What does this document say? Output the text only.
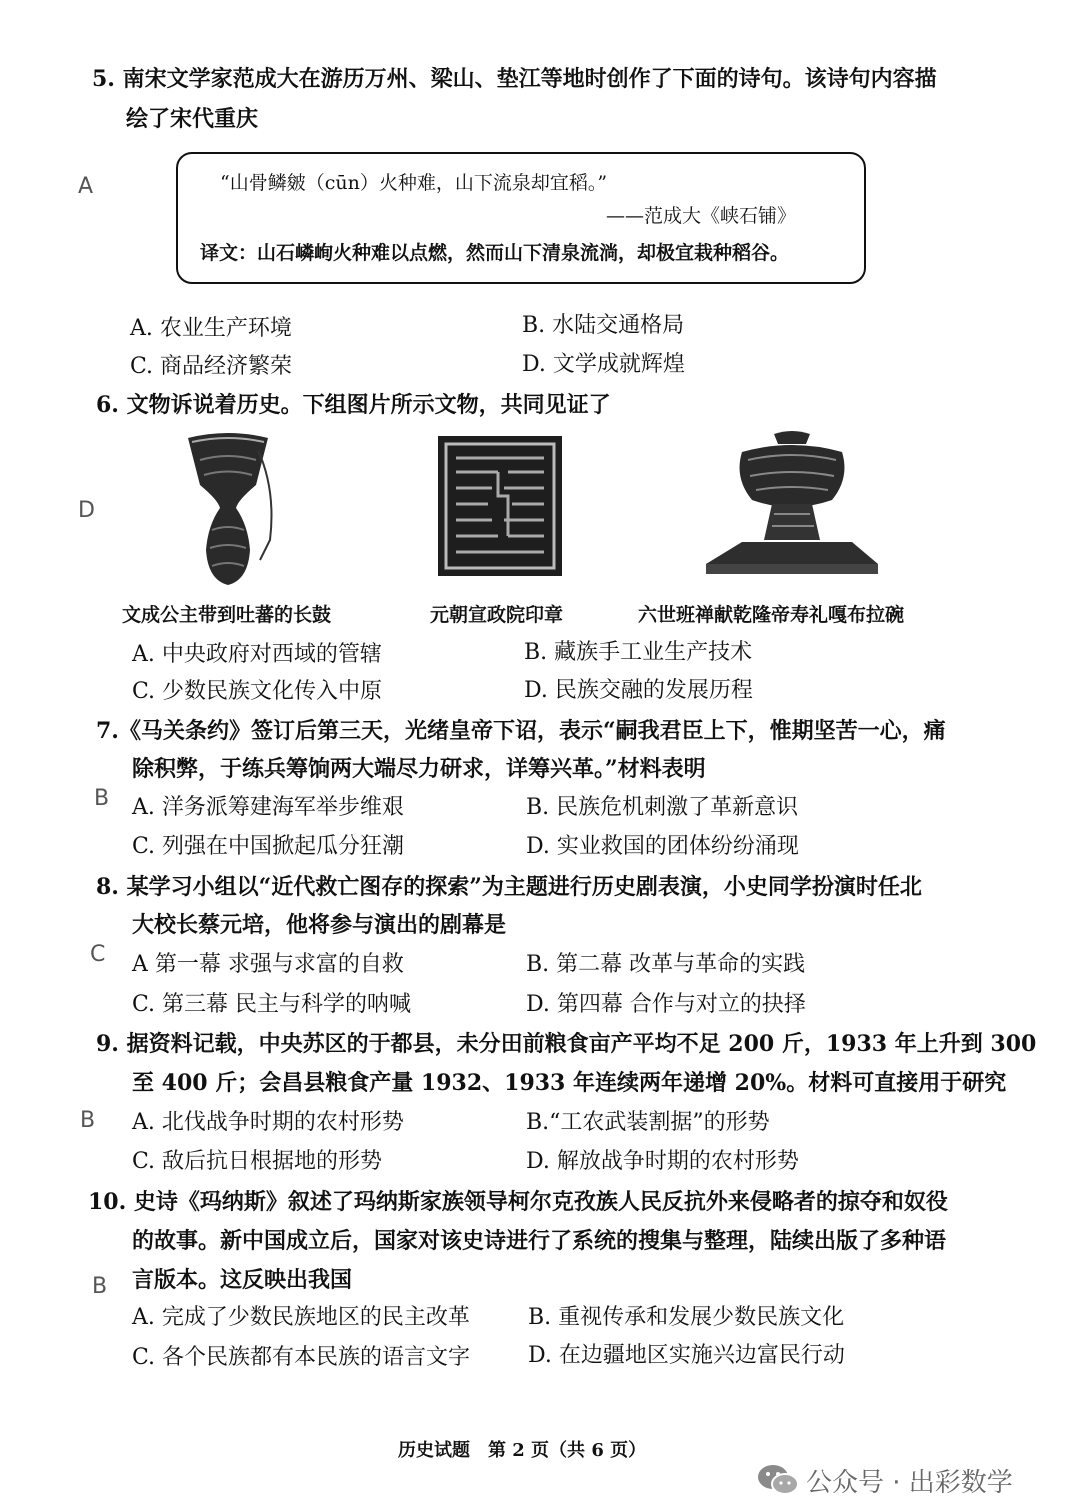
5. 南宋文学家范成大在游历万州、梁山、垫江等地时创作了下面的诗句。该诗句内容描
绘了宋代重庆
A	“山骨鳞皴（cūn）火种难，山下流泉却宜稻。”
——范成大《峡石铺》
译文：山石嶙峋火种难以点燃，然而山下清泉流淌，却极宜栽种稻谷。
A. 农业生产环境	B. 水陆交通格局
C. 商品经济繁荣	D. 文学成就辉煌
6. 文物诉说着历史。下组图片所示文物，共同见证了
D
文成公主带到吐蕃的长鼓	元朝宣政院印章	六世班禅献乾隆帝寿礼嘎布拉碗
A. 中央政府对西域的管辖	B. 藏族手工业生产技术
C. 少数民族文化传入中原	D. 民族交融的发展历程
7.《马关条约》签订后第三天，光绪皇帝下诏，表示“嗣我君臣上下，惟期坚苦一心，痛
除积弊，于练兵筹饷两大端尽力研求，详筹兴革。”材料表明
B A. 洋务派筹建海军举步维艰	B. 民族危机刺激了革新意识
C. 列强在中国掀起瓜分狂潮	D. 实业救国的团体纷纷涌现
8. 某学习小组以“近代救亡图存的探索”为主题进行历史剧表演，小史同学扮演时任北
大校长蔡元培，他将参与演出的剧幕是
C A 第一幕 求强与求富的自救	B. 第二幕 改革与革命的实践
C. 第三幕 民主与科学的呐喊	D. 第四幕 合作与对立的抉择
9. 据资料记载，中央苏区的于都县，未分田前粮食亩产平均不足 200 斤，1933 年上升到 300
至 400 斤；会昌县粮食产量 1932、1933 年连续两年递增 20%。材料可直接用于研究
B A. 北伐战争时期的农村形势	B.“工农武装割据”的形势
C. 敌后抗日根据地的形势	D. 解放战争时期的农村形势
10. 史诗《玛纳斯》叙述了玛纳斯家族领导柯尔克孜族人民反抗外来侵略者的掠夺和奴役
的故事。新中国成立后，国家对该史诗进行了系统的搜集与整理，陆续出版了多种语
言版本。这反映出我国
B
A. 完成了少数民族地区的民主改革	B. 重视传承和发展少数民族文化
C. 各个民族都有本民族的语言文字	D. 在边疆地区实施兴边富民行动
历史试题　第 2 页（共 6 页）
公众号 · 出彩数学
